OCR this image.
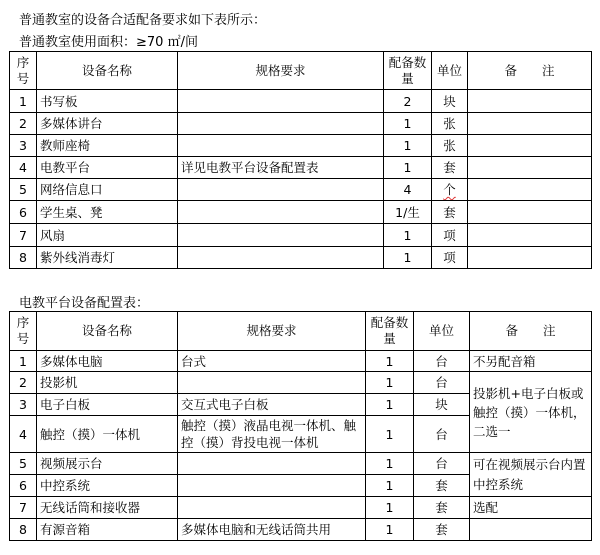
普通教室的设备合适配备要求如下表所示：
普通教室使用面积：≥70 ㎡/间
序号	设备名称	规格要求	配备数量	单位	备　　注
1	书写板		2	块	
2	多媒体讲台		1	张	
3	教师座椅		1	张	
4	电教平台	详见电教平台设备配置表	1	套	
5	网络信息口		4	个	
6	学生桌、凳		1/生	套	
7	风扇		1	项	
8	紫外线消毒灯		1	项	
电教平台设备配置表：
序号	设备名称	规格要求	配备数量	单位	备　　注
1	多媒体电脑	台式	1	台	不另配音箱
2	投影机		1	台	投影机+电子白板或触控（摸）一体机，二选一
3	电子白板	交互式电子白板	1	块	
4	触控（摸）一体机	触控（摸）液晶电视一体机、触控（摸）背投电视一体机	1	台	
5	视频展示台		1	台	可在视频展示台内置中控系统
6	中控系统		1	套	
7	无线话筒和接收器		1	套	选配
8	有源音箱	多媒体电脑和无线话筒共用	1	套	
